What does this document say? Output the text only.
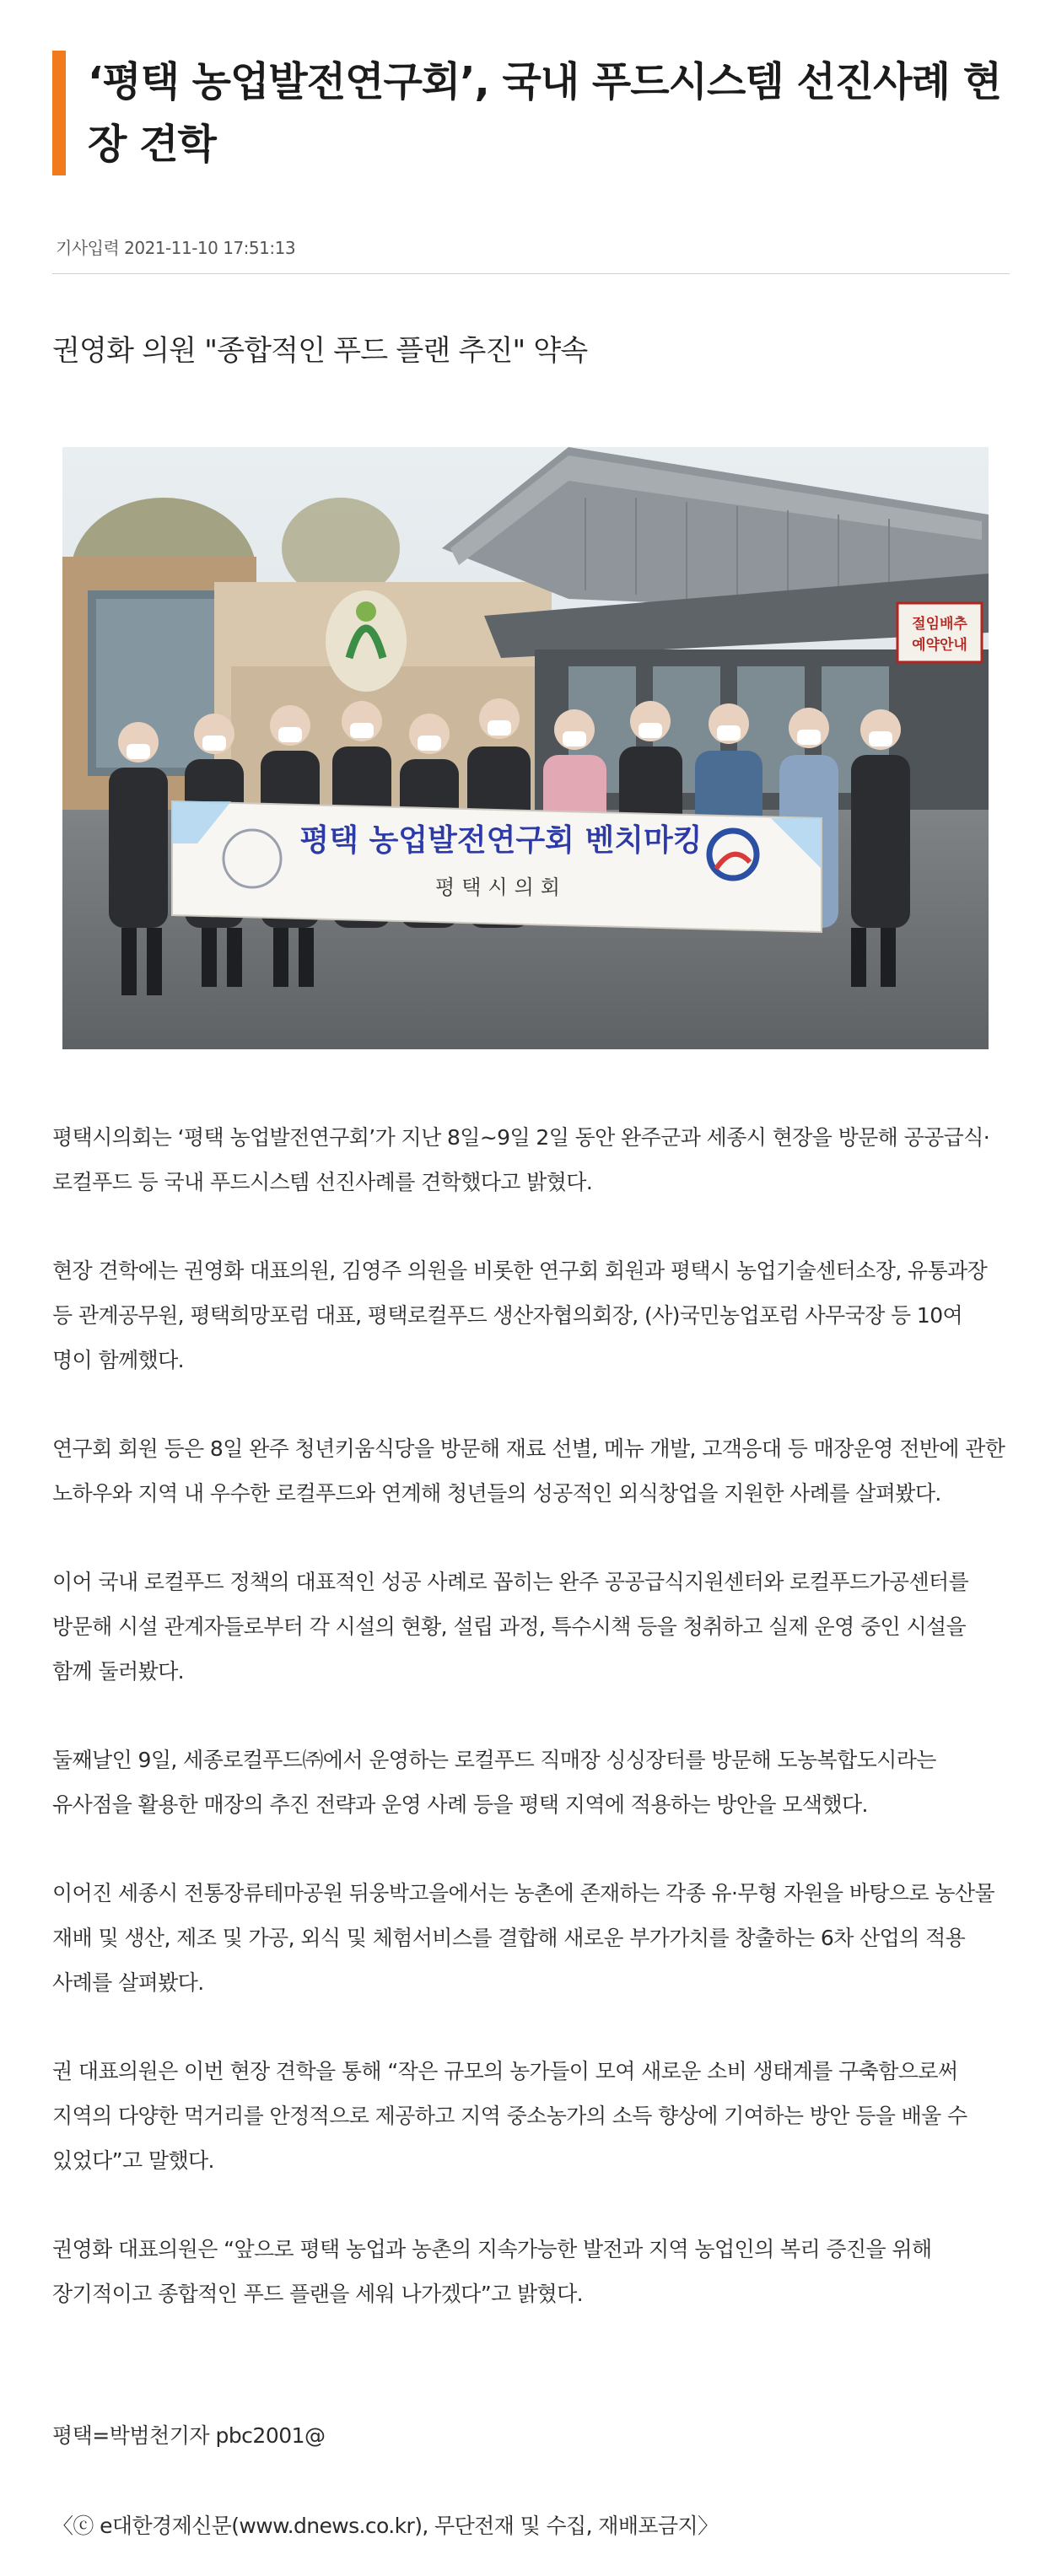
‘평택 농업발전연구회’, 국내 푸드시스템 선진사례 현장 견학
기사입력 2021-11-10 17:51:13
권영화 의원 "종합적인 푸드 플랜 추진" 약속
절임배추
예약안내
평택 농업발전연구회 벤치마킹
평택시의회

평택시의회는 ‘평택 농업발전연구회’가 지난 8일~9일 2일 동안 완주군과 세종시 현장을 방문해 공공급식·로컬푸드 등 국내 푸드시스템 선진사례를 견학했다고 밝혔다.

현장 견학에는 권영화 대표의원, 김영주 의원을 비롯한 연구회 회원과 평택시 농업기술센터소장, 유통과장 등 관계공무원, 평택희망포럼 대표, 평택로컬푸드 생산자협의회장, (사)국민농업포럼 사무국장 등 10여 명이 함께했다.

연구회 회원 등은 8일 완주 청년키움식당을 방문해 재료 선별, 메뉴 개발, 고객응대 등 매장운영 전반에 관한 노하우와 지역 내 우수한 로컬푸드와 연계해 청년들의 성공적인 외식창업을 지원한 사례를 살펴봤다.

이어 국내 로컬푸드 정책의 대표적인 성공 사례로 꼽히는 완주 공공급식지원센터와 로컬푸드가공센터를 방문해 시설 관계자들로부터 각 시설의 현황, 설립 과정, 특수시책 등을 청취하고 실제 운영 중인 시설을 함께 둘러봤다.

둘째날인 9일, 세종로컬푸드㈜에서 운영하는 로컬푸드 직매장 싱싱장터를 방문해 도농복합도시라는 유사점을 활용한 매장의 추진 전략과 운영 사례 등을 평택 지역에 적용하는 방안을 모색했다.

이어진 세종시 전통장류테마공원 뒤웅박고을에서는 농촌에 존재하는 각종 유·무형 자원을 바탕으로 농산물 재배 및 생산, 제조 및 가공, 외식 및 체험서비스를 결합해 새로운 부가가치를 창출하는 6차 산업의 적용 사례를 살펴봤다.

권 대표의원은 이번 현장 견학을 통해 “작은 규모의 농가들이 모여 새로운 소비 생태계를 구축함으로써 지역의 다양한 먹거리를 안정적으로 제공하고 지역 중소농가의 소득 향상에 기여하는 방안 등을 배울 수 있었다”고 말했다.

권영화 대표의원은 “앞으로 평택 농업과 농촌의 지속가능한 발전과 지역 농업인의 복리 증진을 위해 장기적이고 종합적인 푸드 플랜을 세워 나가겠다”고 밝혔다.

평택=박범천기자 pbc2001@
〈ⓒ e대한경제신문(www.dnews.co.kr), 무단전재 및 수집, 재배포금지〉
